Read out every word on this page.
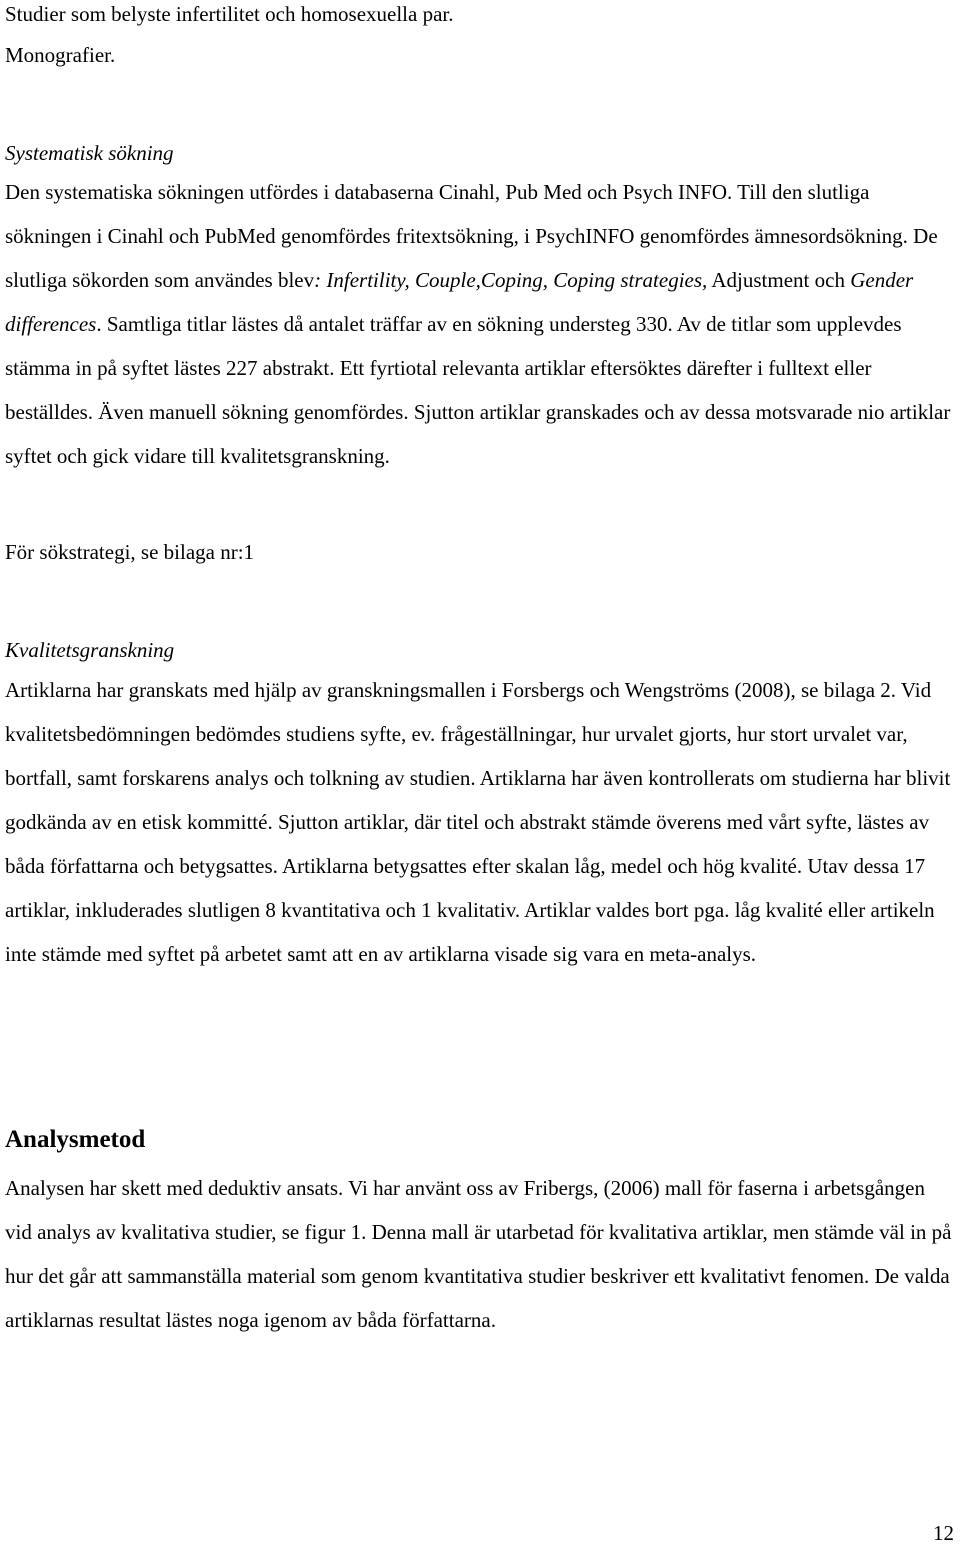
Studier som belyste infertilitet och homosexuella par.
Monografier.
Systematisk sökning

Den systematiska sökningen utfördes i databaserna Cinahl, Pub Med och Psych INFO. Till den slutliga sökningen i Cinahl och PubMed genomfördes fritextsökning, i PsychINFO genomfördes ämnesordsökning. De slutliga sökorden som användes blev: Infertility, Couple,Coping, Coping strategies, Adjustment och Gender differences. Samtliga titlar lästes då antalet träffar av en sökning understeg 330. Av de titlar som upplevdes stämma in på syftet lästes 227 abstrakt. Ett fyrtiotal relevanta artiklar eftersöktes därefter i fulltext eller beställdes. Även manuell sökning genomfördes. Sjutton artiklar granskades och av dessa motsvarade nio artiklar syftet och gick vidare till kvalitetsgranskning.

För sökstrategi, se bilaga nr:1
Kvalitetsgranskning

Artiklarna har granskats med hjälp av granskningsmallen i Forsbergs och Wengströms (2008), se bilaga 2. Vid kvalitetsbedömningen bedömdes studiens syfte, ev. frågeställningar, hur urvalet gjorts, hur stort urvalet var, bortfall, samt forskarens analys och tolkning av studien. Artiklarna har även kontrollerats om studierna har blivit godkända av en etisk kommitté. Sjutton artiklar, där titel och abstrakt stämde överens med vårt syfte, lästes av båda författarna och betygsattes. Artiklarna betygsattes efter skalan låg, medel och hög kvalité. Utav dessa 17 artiklar, inkluderades slutligen 8 kvantitativa och 1 kvalitativ. Artiklar valdes bort pga. låg kvalité eller artikeln inte stämde med syftet på arbetet samt att en av artiklarna visade sig vara en meta-analys.

Analysmetod

Analysen har skett med deduktiv ansats. Vi har använt oss av Fribergs, (2006) mall för faserna i arbetsgången vid analys av kvalitativa studier, se figur 1. Denna mall är utarbetad för kvalitativa artiklar, men stämde väl in på hur det går att sammanställa material som genom kvantitativa studier beskriver ett kvalitativt fenomen. De valda artiklarnas resultat lästes noga igenom av båda författarna.

12
